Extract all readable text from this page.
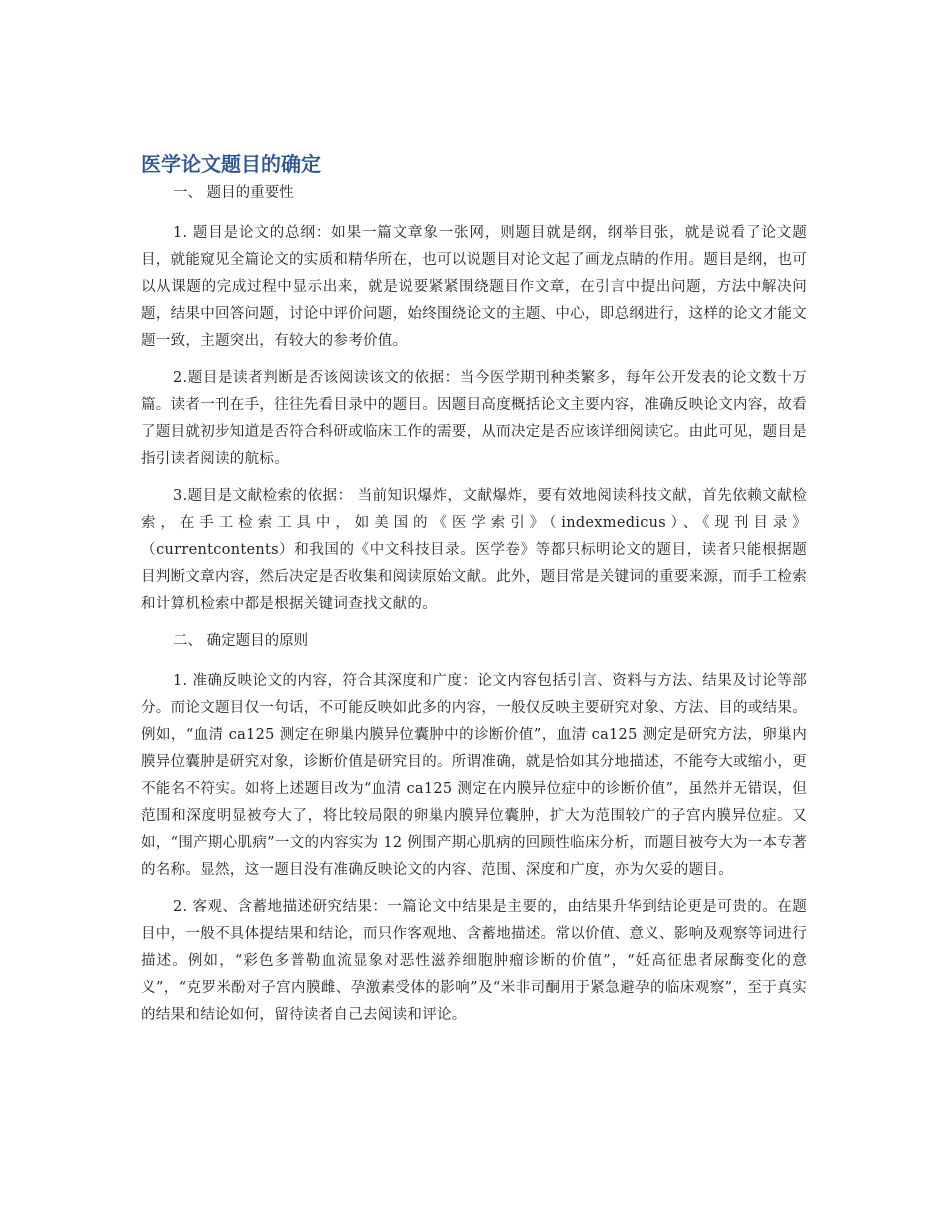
医学论文题目的确定
一、 题目的重要性

1. 题目是论文的总纲：如果一篇文章象一张网，则题目就是纲，纲举目张，就是说看了论文题目，就能窥见全篇论文的实质和精华所在，也可以说题目对论文起了画龙点睛的作用。题目是纲，也可以从课题的完成过程中显示出来，就是说要紧紧围绕题目作文章，在引言中提出问题，方法中解决问题，结果中回答问题，讨论中评价问题，始终围绕论文的主题、中心，即总纲进行，这样的论文才能文题一致，主题突出，有较大的参考价值。

2.题目是读者判断是否该阅读该文的依据：当今医学期刊种类繁多，每年公开发表的论文数十万篇。读者一刊在手，往往先看目录中的题目。因题目高度概括论文主要内容，准确反映论文内容，故看了题目就初步知道是否符合科研或临床工作的需要，从而决定是否应该详细阅读它。由此可见，题目是指引读者阅读的航标。

3.题目是文献检索的依据： 当前知识爆炸，文献爆炸，要有效地阅读科技文献，首先依赖文献检索，在手工检索工具中，如美国的《医学索引》（indexmedicus）、《现刊目录》 （currentcontents）和我国的《中文科技目录。医学卷》等都只标明论文的题目，读者只能根据题目判断文章内容，然后决定是否收集和阅读原始文献。此外，题目常是关键词的重要来源，而手工检索和计算机检索中都是根据关键词查找文献的。

二、 确定题目的原则

1. 准确反映论文的内容，符合其深度和广度：论文内容包括引言、资料与方法、结果及讨论等部分。而论文题目仅一句话，不可能反映如此多的内容，一般仅反映主要研究对象、方法、目的或结果。例如，“血清 ca125 测定在卵巢内膜异位囊肿中的诊断价值”，血清 ca125 测定是研究方法，卵巢内膜异位囊肿是研究对象，诊断价值是研究目的。所谓准确，就是恰如其分地描述，不能夸大或缩小，更不能名不符实。如将上述题目改为“血清 ca125 测定在内膜异位症中的诊断价值”，虽然并无错误，但范围和深度明显被夸大了，将比较局限的卵巢内膜异位囊肿，扩大为范围较广的子宫内膜异位症。又如，“围产期心肌病”一文的内容实为 12 例围产期心肌病的回顾性临床分析，而题目被夸大为一本专著的名称。显然，这一题目没有准确反映论文的内容、范围、深度和广度，亦为欠妥的题目。

2. 客观、含蓄地描述研究结果：一篇论文中结果是主要的，由结果升华到结论更是可贵的。在题目中，一般不具体提结果和结论，而只作客观地、含蓄地描述。常以价值、意义、影响及观察等词进行描述。例如，“彩色多普勒血流显象对恶性滋养细胞肿瘤诊断的价值”，“妊高征患者尿酶变化的意义”，“克罗米酚对子宫内膜雌、孕激素受体的影响”及“米非司酮用于紧急避孕的临床观察”，至于真实的结果和结论如何，留待读者自己去阅读和评论。
